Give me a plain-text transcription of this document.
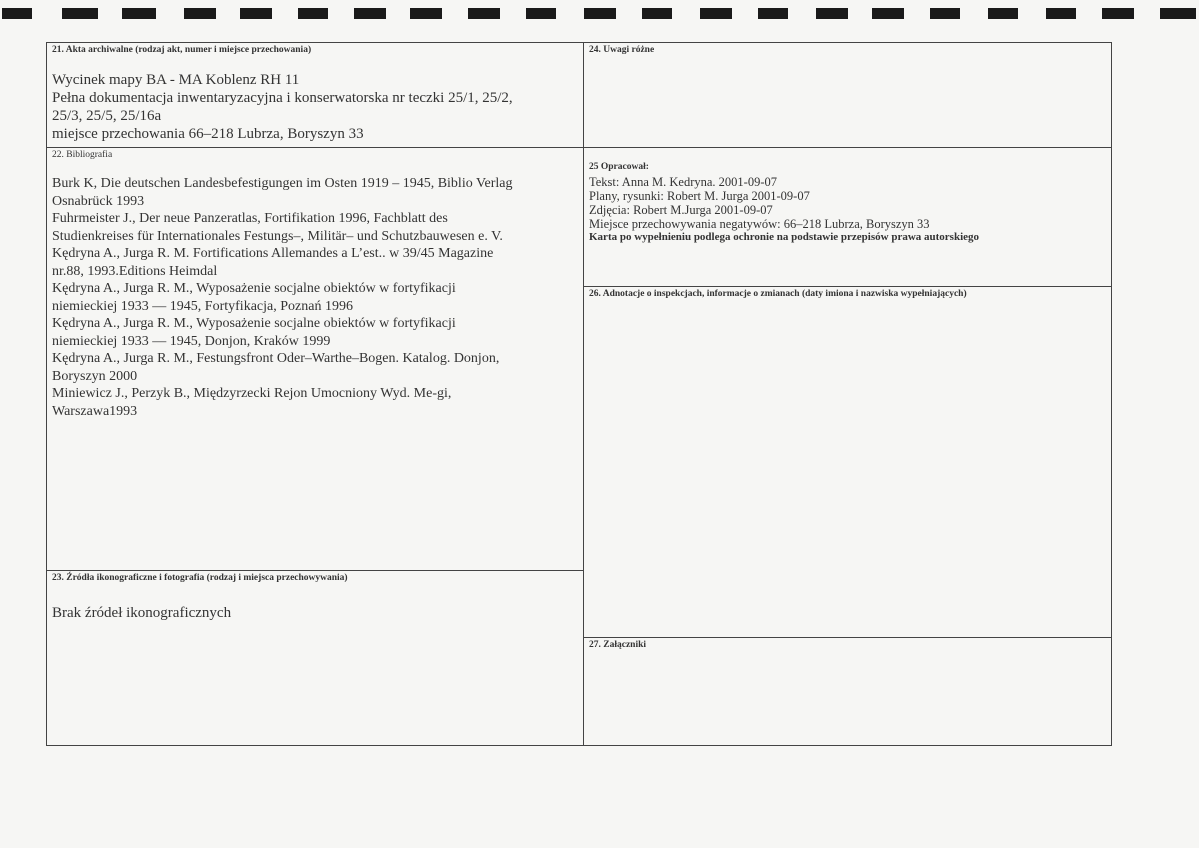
21. Akta archiwalne (rodzaj akt, numer i miejsce przechowania)

Wycinek mapy BA - MA Koblenz RH 11

Pełna dokumentacja inwentaryzacyjna i konserwatorska nr teczki 25/1, 25/2,

25/3, 25/5, 25/16a

miejsce przechowania 66–218 Lubrza, Boryszyn 33

24. Uwagi różne
22. Bibliografia

Burk K, Die deutschen Landesbefestigungen im Osten 1919 – 1945, Biblio Verlag

Osnabrück 1993

Fuhrmeister J., Der neue Panzeratlas, Fortifikation 1996, Fachblatt des

Studienkreises für Internationales Festungs–, Militär– und Schutzbauwesen e. V.

Kędryna A., Jurga R. M. Fortifications Allemandes a L’est.. w 39/45 Magazine

nr.88, 1993.Editions Heimdal

Kędryna A., Jurga R. M., Wyposażenie socjalne obiektów w fortyfikacji

niemieckiej 1933 — 1945, Fortyfikacja, Poznań 1996

Kędryna A., Jurga R. M., Wyposażenie socjalne obiektów w fortyfikacji

niemieckiej 1933 — 1945, Donjon, Kraków 1999

Kędryna A., Jurga R. M., Festungsfront Oder–Warthe–Bogen. Katalog. Donjon,

Boryszyn 2000

Miniewicz J., Perzyk B., Międzyrzecki Rejon Umocniony Wyd. Me-gi,

Warszawa1993

25 Opracował:

Tekst: Anna M. Kedryna. 2001-09-07

Plany, rysunki: Robert M. Jurga 2001-09-07

Zdjęcia: Robert M.Jurga 2001-09-07

Miejsce przechowywania negatywów: 66–218 Lubrza, Boryszyn 33

Karta po wypełnieniu podlega ochronie na podstawie przepisów prawa autorskiego

26. Adnotacje o inspekcjach, informacje o zmianach (daty imiona i nazwiska wypełniających)
23. Źródła ikonograficzne i fotografia (rodzaj i miejsca przechowywania)
Brak źródeł ikonograficznych
27. Załączniki
